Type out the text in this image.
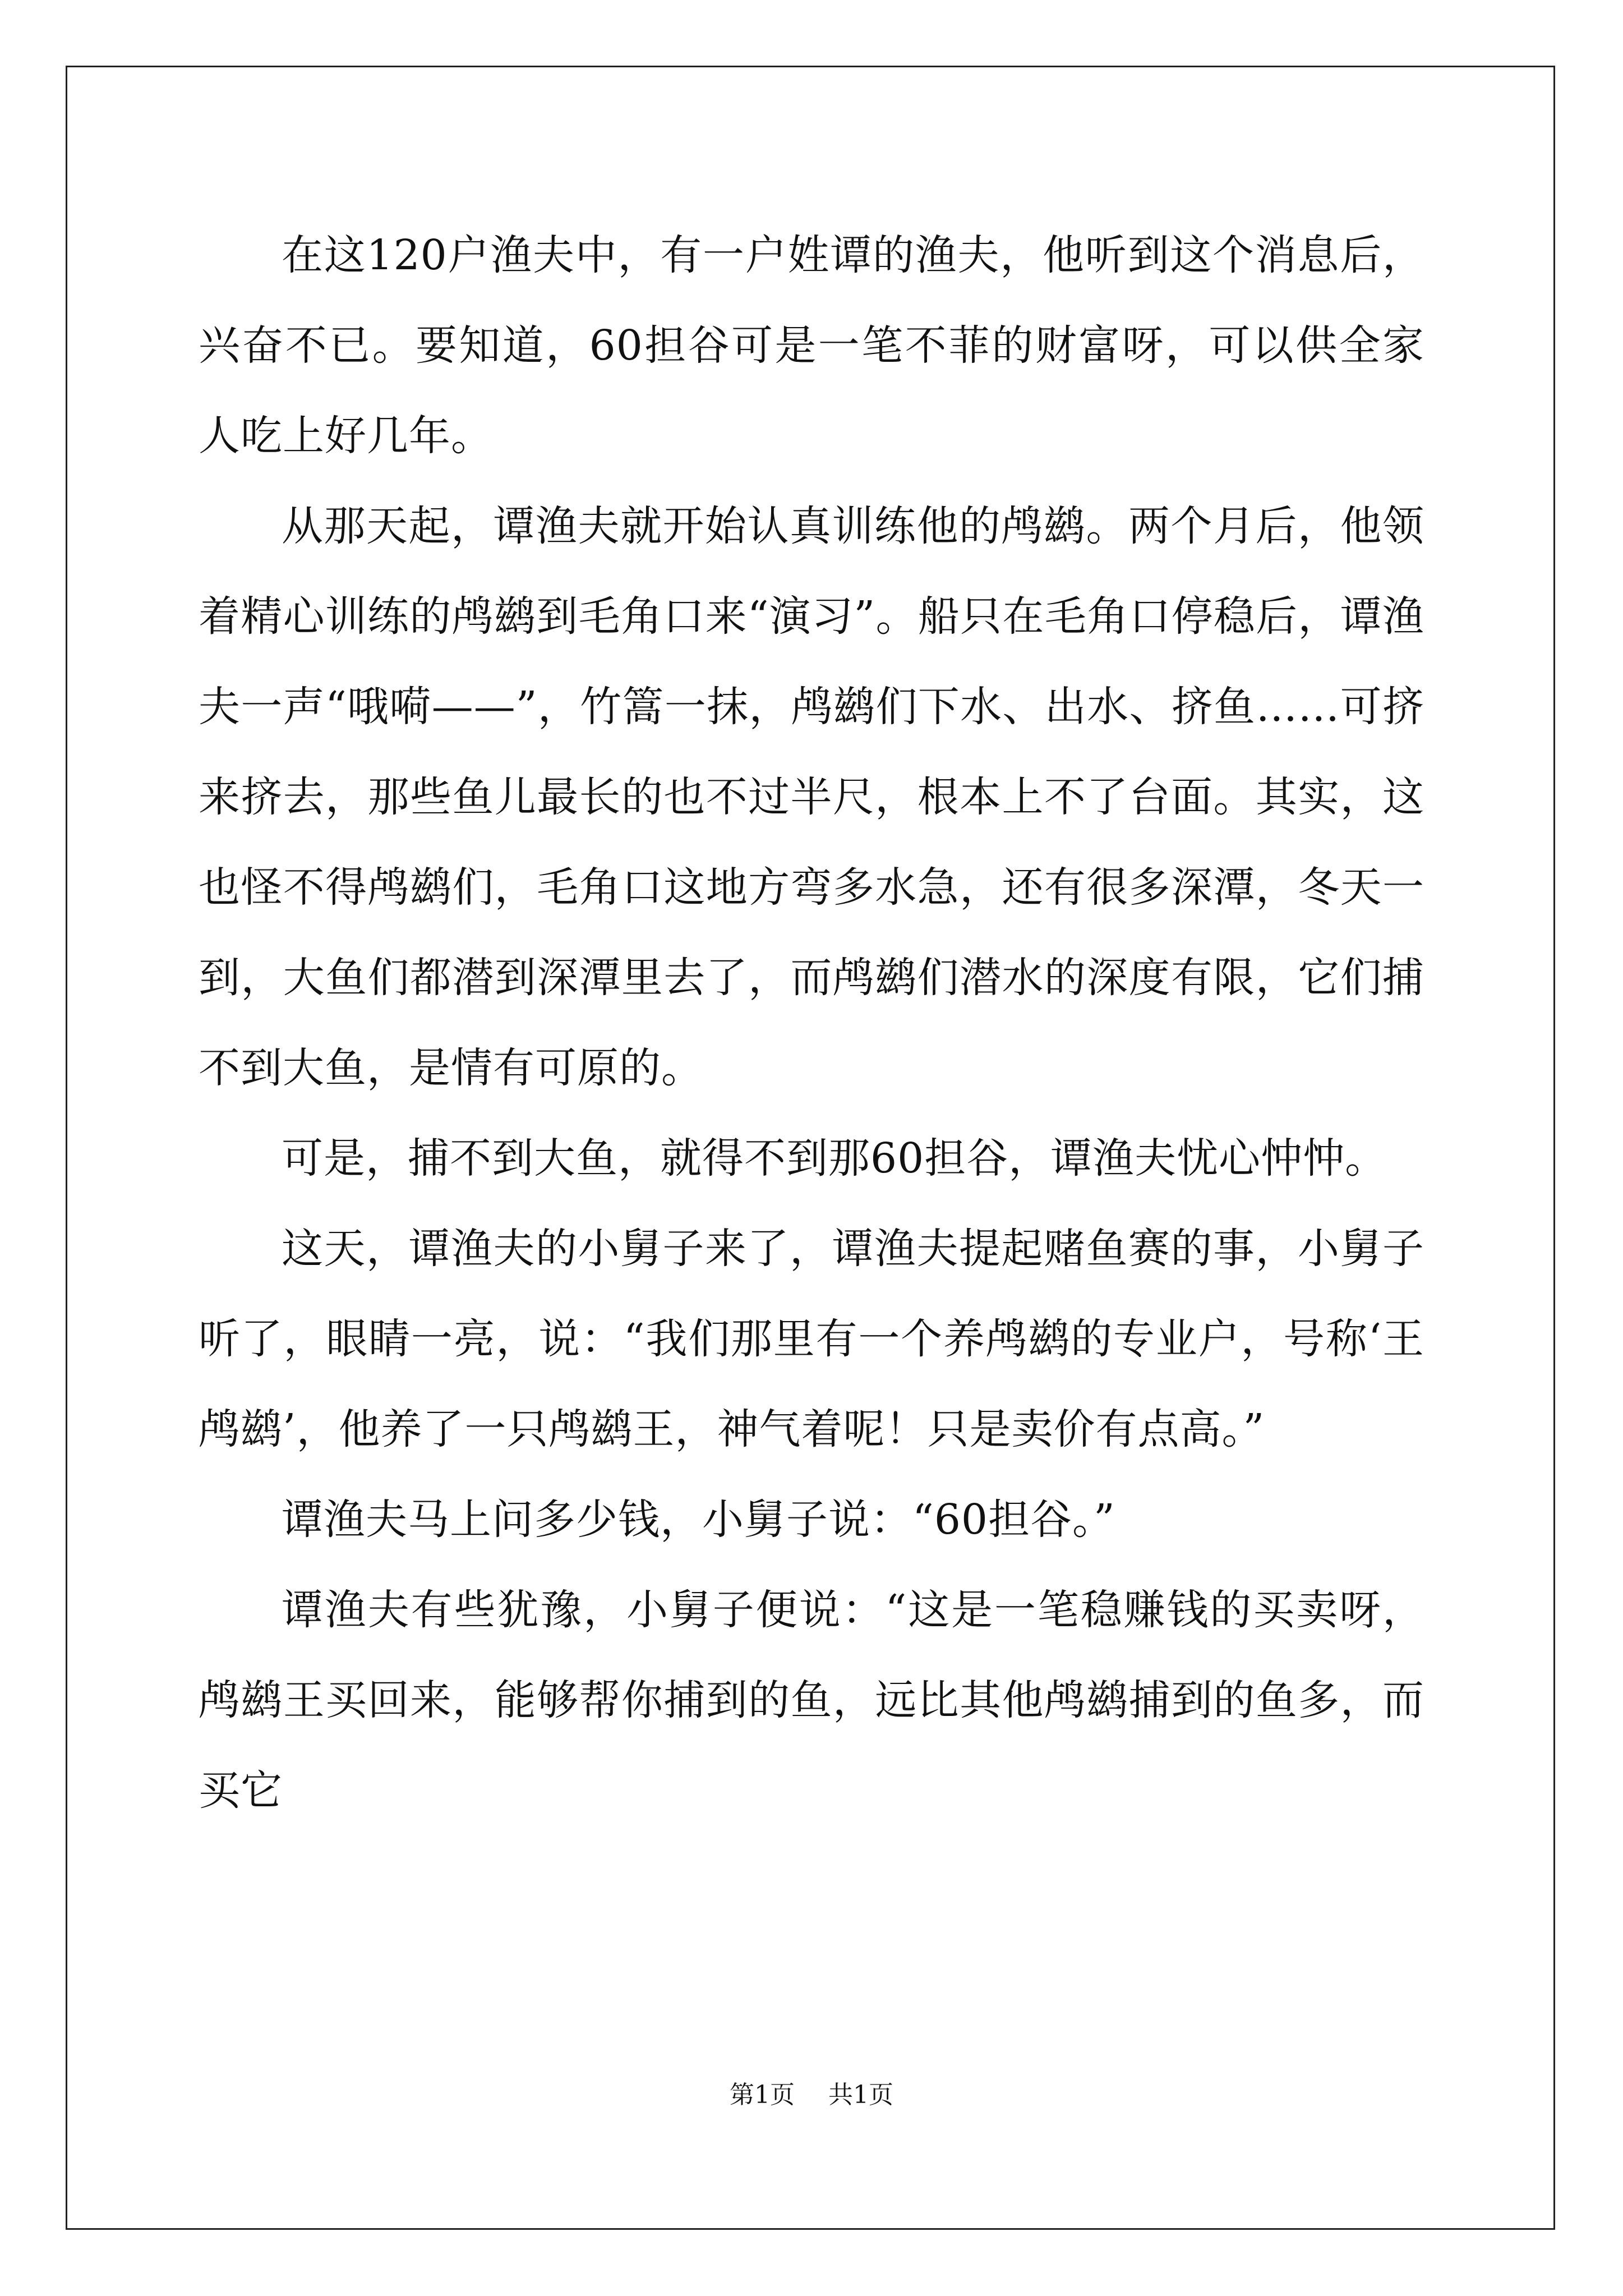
在这120户渔夫中，有一户姓谭的渔夫，他听到这个消息后，兴奋不已。要知道，60担谷可是一笔不菲的财富呀，可以供全家人吃上好几年。

从那天起，谭渔夫就开始认真训练他的鸬鹚。两个月后，他领着精心训练的鸬鹚到毛角口来“演习”。船只在毛角口停稳后，谭渔夫一声“哦嗬——”，竹篙一抹，鸬鹚们下水、出水、挤鱼……可挤来挤去，那些鱼儿最长的也不过半尺，根本上不了台面。其实，这也怪不得鸬鹚们，毛角口这地方弯多水急，还有很多深潭，冬天一到，大鱼们都潜到深潭里去了，而鸬鹚们潜水的深度有限，它们捕不到大鱼，是情有可原的。

可是，捕不到大鱼，就得不到那60担谷，谭渔夫忧心忡忡。

这天，谭渔夫的小舅子来了，谭渔夫提起赌鱼赛的事，小舅子听了，眼睛一亮，说：“我们那里有一个养鸬鹚的专业户，号称‘王鸬鹚’，他养了一只鸬鹚王，神气着呢！只是卖价有点高。”

谭渔夫马上问多少钱，小舅子说：“60担谷。”

谭渔夫有些犹豫，小舅子便说：“这是一笔稳赚钱的买卖呀，鸬鹚王买回来，能够帮你捕到的鱼，远比其他鸬鹚捕到的鱼多，而买它

第1页 共1页
